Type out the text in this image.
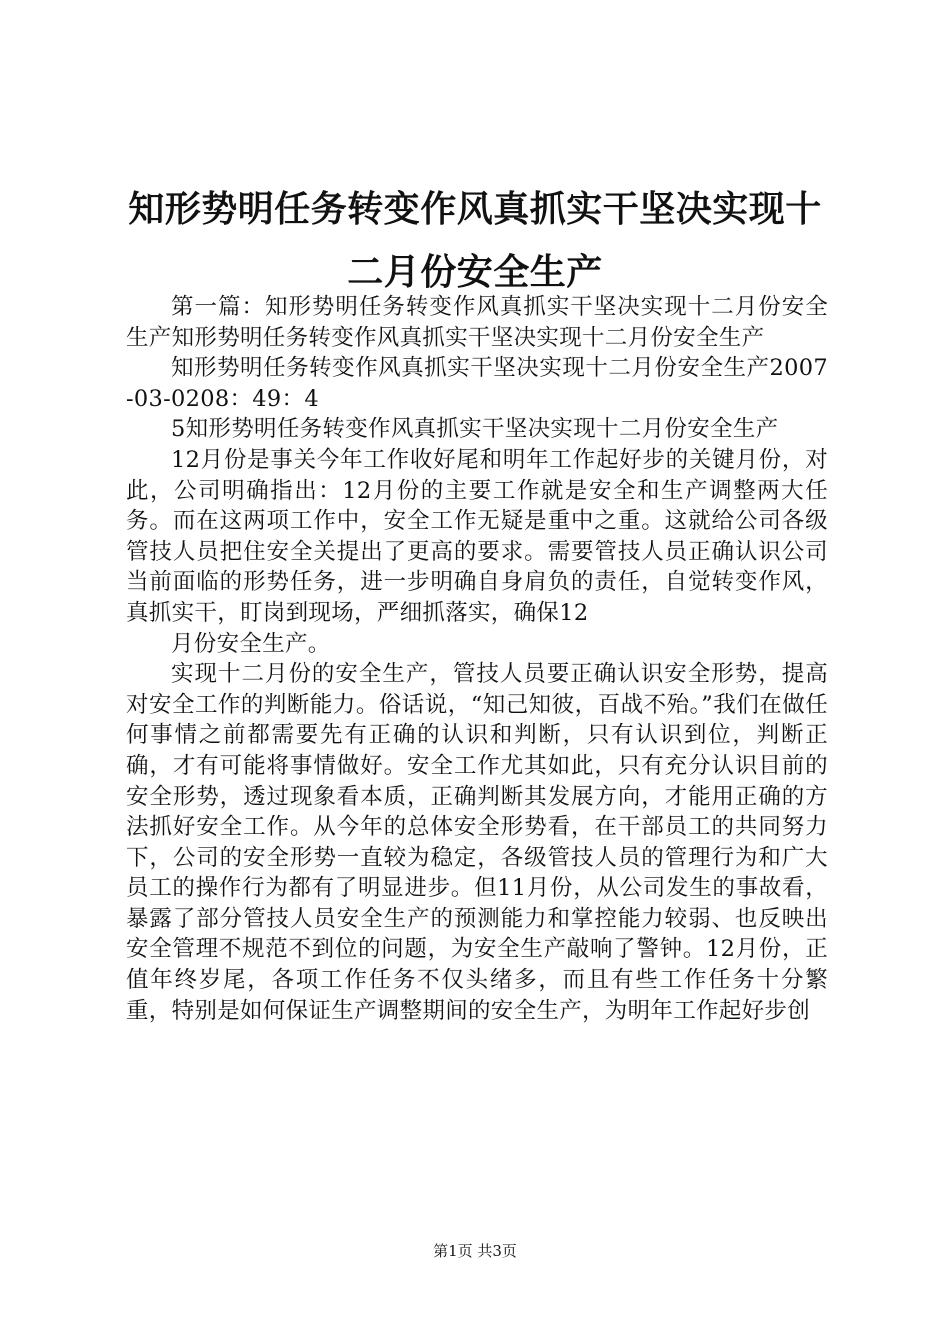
知形势明任务转变作风真抓实干坚决实现十二月份安全生产

第一篇：知形势明任务转变作风真抓实干坚决实现十二月份安全生产知形势明任务转变作风真抓实干坚决实现十二月份安全生产

知形势明任务转变作风真抓实干坚决实现十二月份安全生产2007-03-0208：49：4

5知形势明任务转变作风真抓实干坚决实现十二月份安全生产

12月份是事关今年工作收好尾和明年工作起好步的关键月份，对此，公司明确指出：12月份的主要工作就是安全和生产调整两大任务。而在这两项工作中，安全工作无疑是重中之重。这就给公司各级管技人员把住安全关提出了更高的要求。需要管技人员正确认识公司当前面临的形势任务，进一步明确自身肩负的责任，自觉转变作风，真抓实干，盯岗到现场，严细抓落实，确保12

月份安全生产。

实现十二月份的安全生产，管技人员要正确认识安全形势，提高对安全工作的判断能力。俗话说，“知己知彼，百战不殆。”我们在做任何事情之前都需要先有正确的认识和判断，只有认识到位，判断正确，才有可能将事情做好。安全工作尤其如此，只有充分认识目前的安全形势，透过现象看本质，正确判断其发展方向，才能用正确的方法抓好安全工作。从今年的总体安全形势看，在干部员工的共同努力下，公司的安全形势一直较为稳定，各级管技人员的管理行为和广大员工的操作行为都有了明显进步。但11月份，从公司发生的事故看，暴露了部分管技人员安全生产的预测能力和掌控能力较弱、也反映出安全管理不规范不到位的问题，为安全生产敲响了警钟。12月份，正值年终岁尾，各项工作任务不仅头绪多，而且有些工作任务十分繁重，特别是如何保证生产调整期间的安全生产，为明年工作起好步创

第1页 共3页
